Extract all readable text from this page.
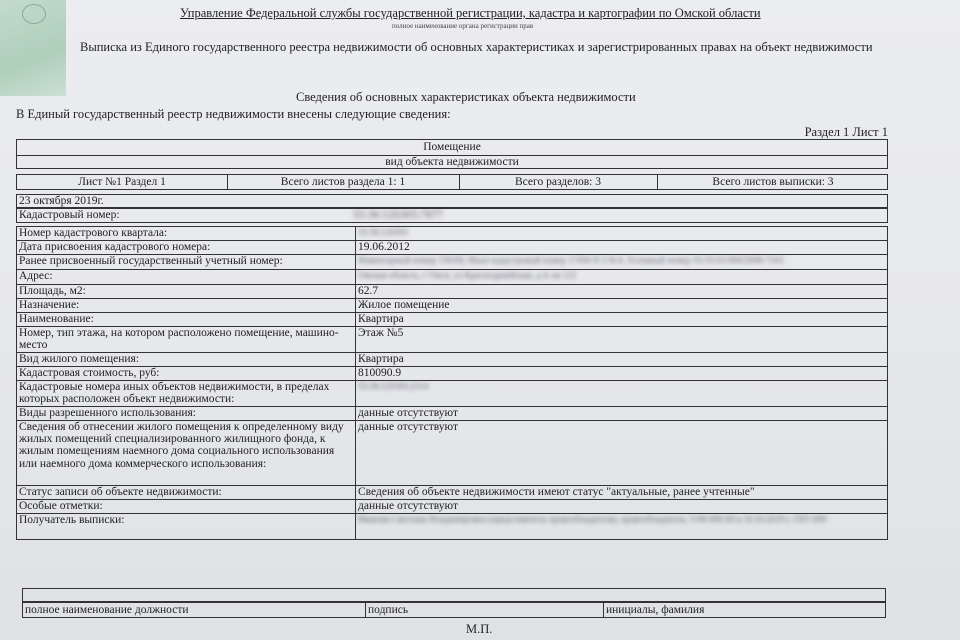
Управление Федеральной службы государственной регистрации, кадастра и картографии по Омской области
полное наименование органа регистрации прав
Выписка из Единого государственного реестра недвижимости об основных характеристиках и зарегистрированных правах на объект недвижимости
Сведения об основных характеристиках объекта недвижимости
В Единый государственный реестр недвижимости внесены следующие сведения:
Раздел 1 Лист 1
Помещение
вид объекта недвижимости
Лист №1 Раздел 1	Всего листов раздела 1: 1	Всего разделов: 3	Всего листов выписки: 3
23 октября 2019г.
Кадастровый номер:	55:36:120305:7877
Номер кадастрового квартала:	55:36:120305
Дата присвоения кадастрового номера:	19.06.2012
Ранее присвоенный государственный учетный номер:	Инвентарный номер 156/08, Иные кадастровый номер 17456 Н 1/А/4, Условный номер 55-55-01/000/2008-7163
Адрес:	Омская область, г Омск, ул Красноармейская, д 4, кв 122
Площадь, м2:	62.7
Назначение:	Жилое помещение
Наименование:	Квартира
Номер, тип этажа, на котором расположено помещение, машино-место	Этаж №5
Вид жилого помещения:	Квартира
Кадастровая стоимость, руб:	810090.9
Кадастровые номера иных объектов недвижимости, в пределах которых расположен объект недвижимости:	55:36:120305:2314
Виды разрешенного использования:	данные отсутствуют
Сведения об отнесении жилого помещения к определенному виду жилых помещений специализированного жилищного фонда, к жилым помещениям наемного дома социального использования или наемного дома коммерческого использования:	данные отсутствуют
Статус записи об объекте недвижимости:	Сведения об объекте недвижимости имеют статус "актуальные, ранее учтенные"
Особые отметки:	данные отсутствуют
Получатель выписки:	Иванова Светлана Владимировна (представитель правообладателя), правообладатель: 3-00-000-00 в 10.10.2019 г. ГБУ-000
полное наименование должности	подпись	инициалы, фамилия
М.П.
